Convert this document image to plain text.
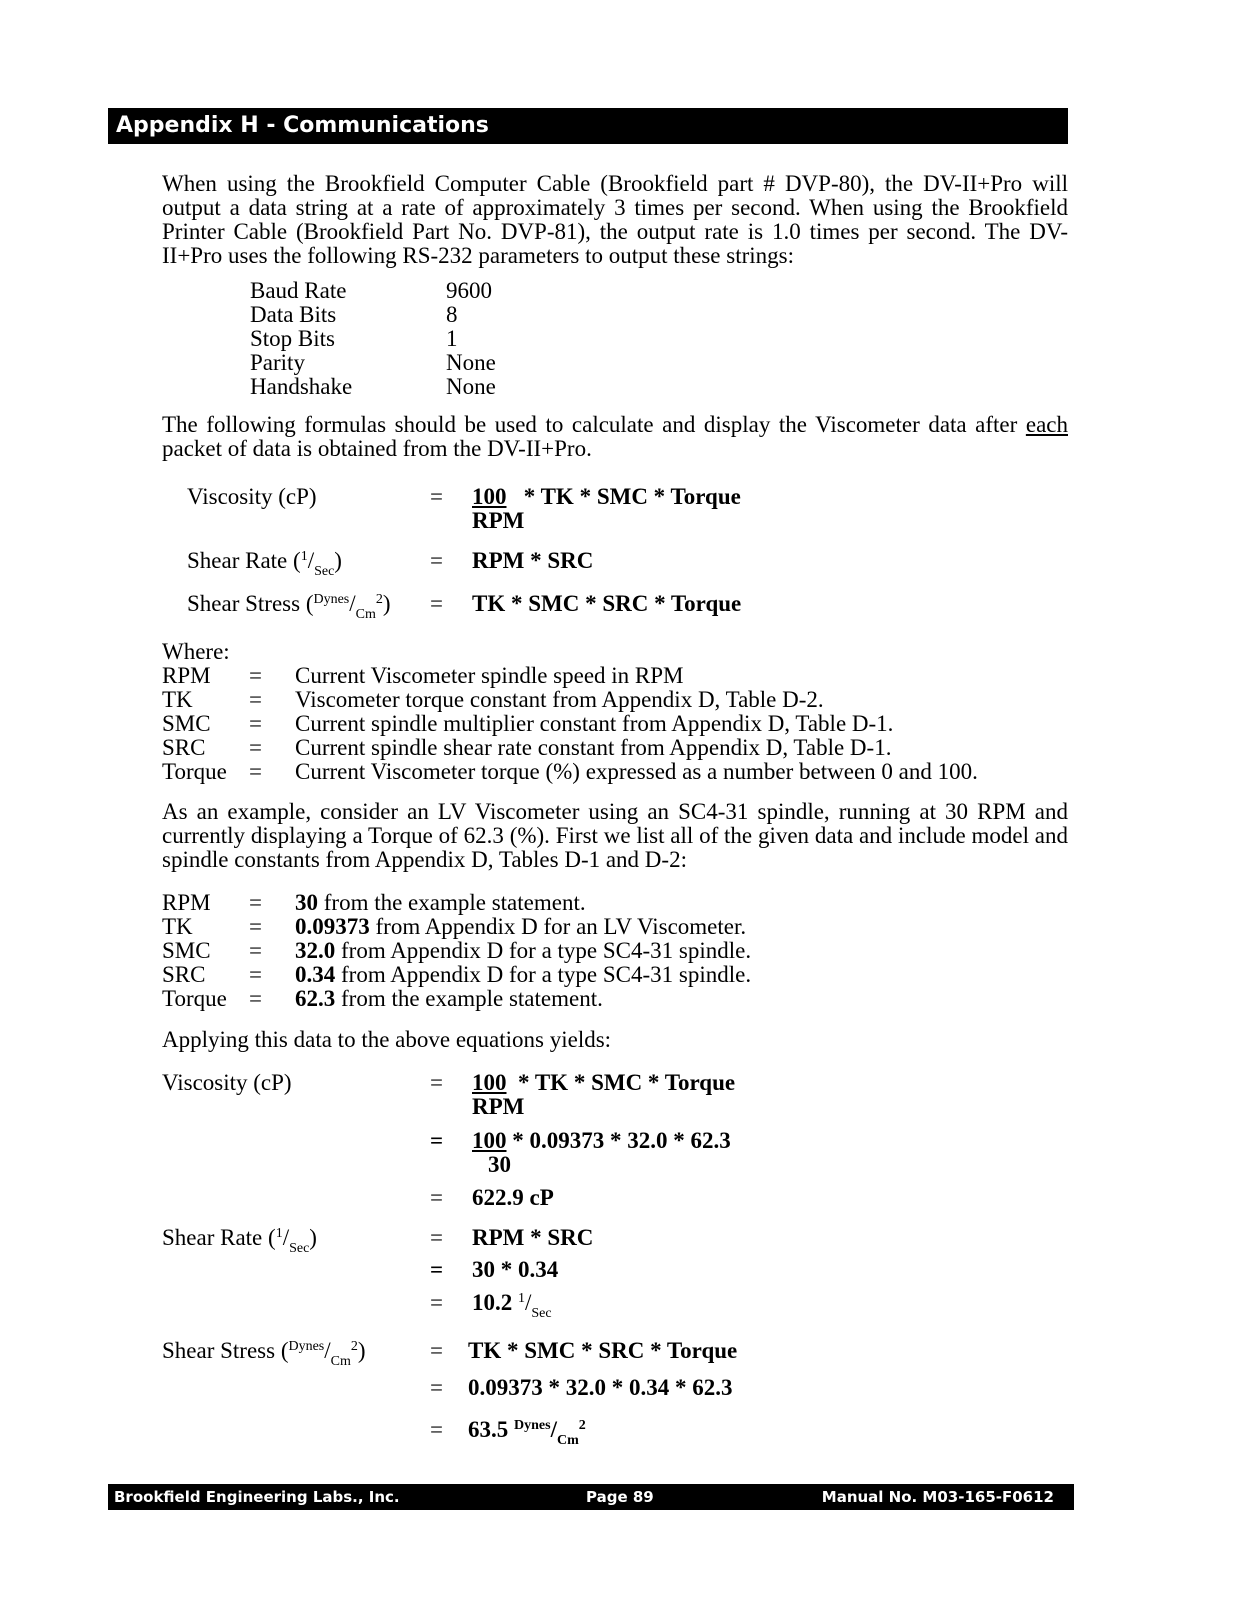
Appendix H - Communications
When using the Brookfield Computer Cable (Brookfield part # DVP-80), the DV-II+Pro will output a data string at a rate of approximately 3 times per second. When using the Brookfield Printer Cable (Brookfield Part No. DVP-81), the output rate is 1.0 times per second. The DV-II+Pro uses the following RS-232 parameters to output these strings:
Baud Rate	9600
Data Bits	8
Stop Bits	1
Parity	None
Handshake	None
The following formulas should be used to calculate and display the Viscometer data after each packet of data is obtained from the DV-II+Pro.
Viscosity (cP)	= 100 * TK * SMC * Torque
RPM
Shear Rate $(^1/_{Sec})$	= RPM * SRC
Shear Stress $(^{Dynes}/_{Cm}^2)$ = TK * SMC * SRC * Torque
Where:
RPM = Current Viscometer spindle speed in RPM
TK = Viscometer torque constant from Appendix D, Table D-2.
SMC = Current spindle multiplier constant from Appendix D, Table D-1.
SRC = Current spindle shear rate constant from Appendix D, Table D-1.
Torque = Current Viscometer torque (%) expressed as a number between 0 and 100.
As an example, consider an LV Viscometer using an SC4-31 spindle, running at 30 RPM and currently displaying a Torque of 62.3 (%). First we list all of the given data and include model and spindle constants from Appendix D, Tables D-1 and D-2:
RPM = 30 from the example statement.
TK = 0.09373 from Appendix D for an LV Viscometer.
SMC = 32.0 from Appendix D for a type SC4-31 spindle.
SRC = 0.34 from Appendix D for a type SC4-31 spindle.
Torque = 62.3 from the example statement.
Applying this data to the above equations yields:
Viscosity (cP)	= 100 * TK * SMC * Torque
RPM
= 100 * 0.09373 * 32.0 * 62.3
30
= 622.9 cP
Shear Rate $(^1/_{Sec})$	= RPM * SRC
= 30 * 0.34
= 10.2 $^1/_{Sec}$
Shear Stress $(^{Dynes}/_{Cm}^2)$	= TK * SMC * SRC * Torque
= 0.09373 * 32.0 * 0.34 * 62.3
= 63.5 $^{Dynes}/_{Cm}^2$
Brookfield Engineering Labs., Inc.	Page 89	Manual No. M03-165-F0612
